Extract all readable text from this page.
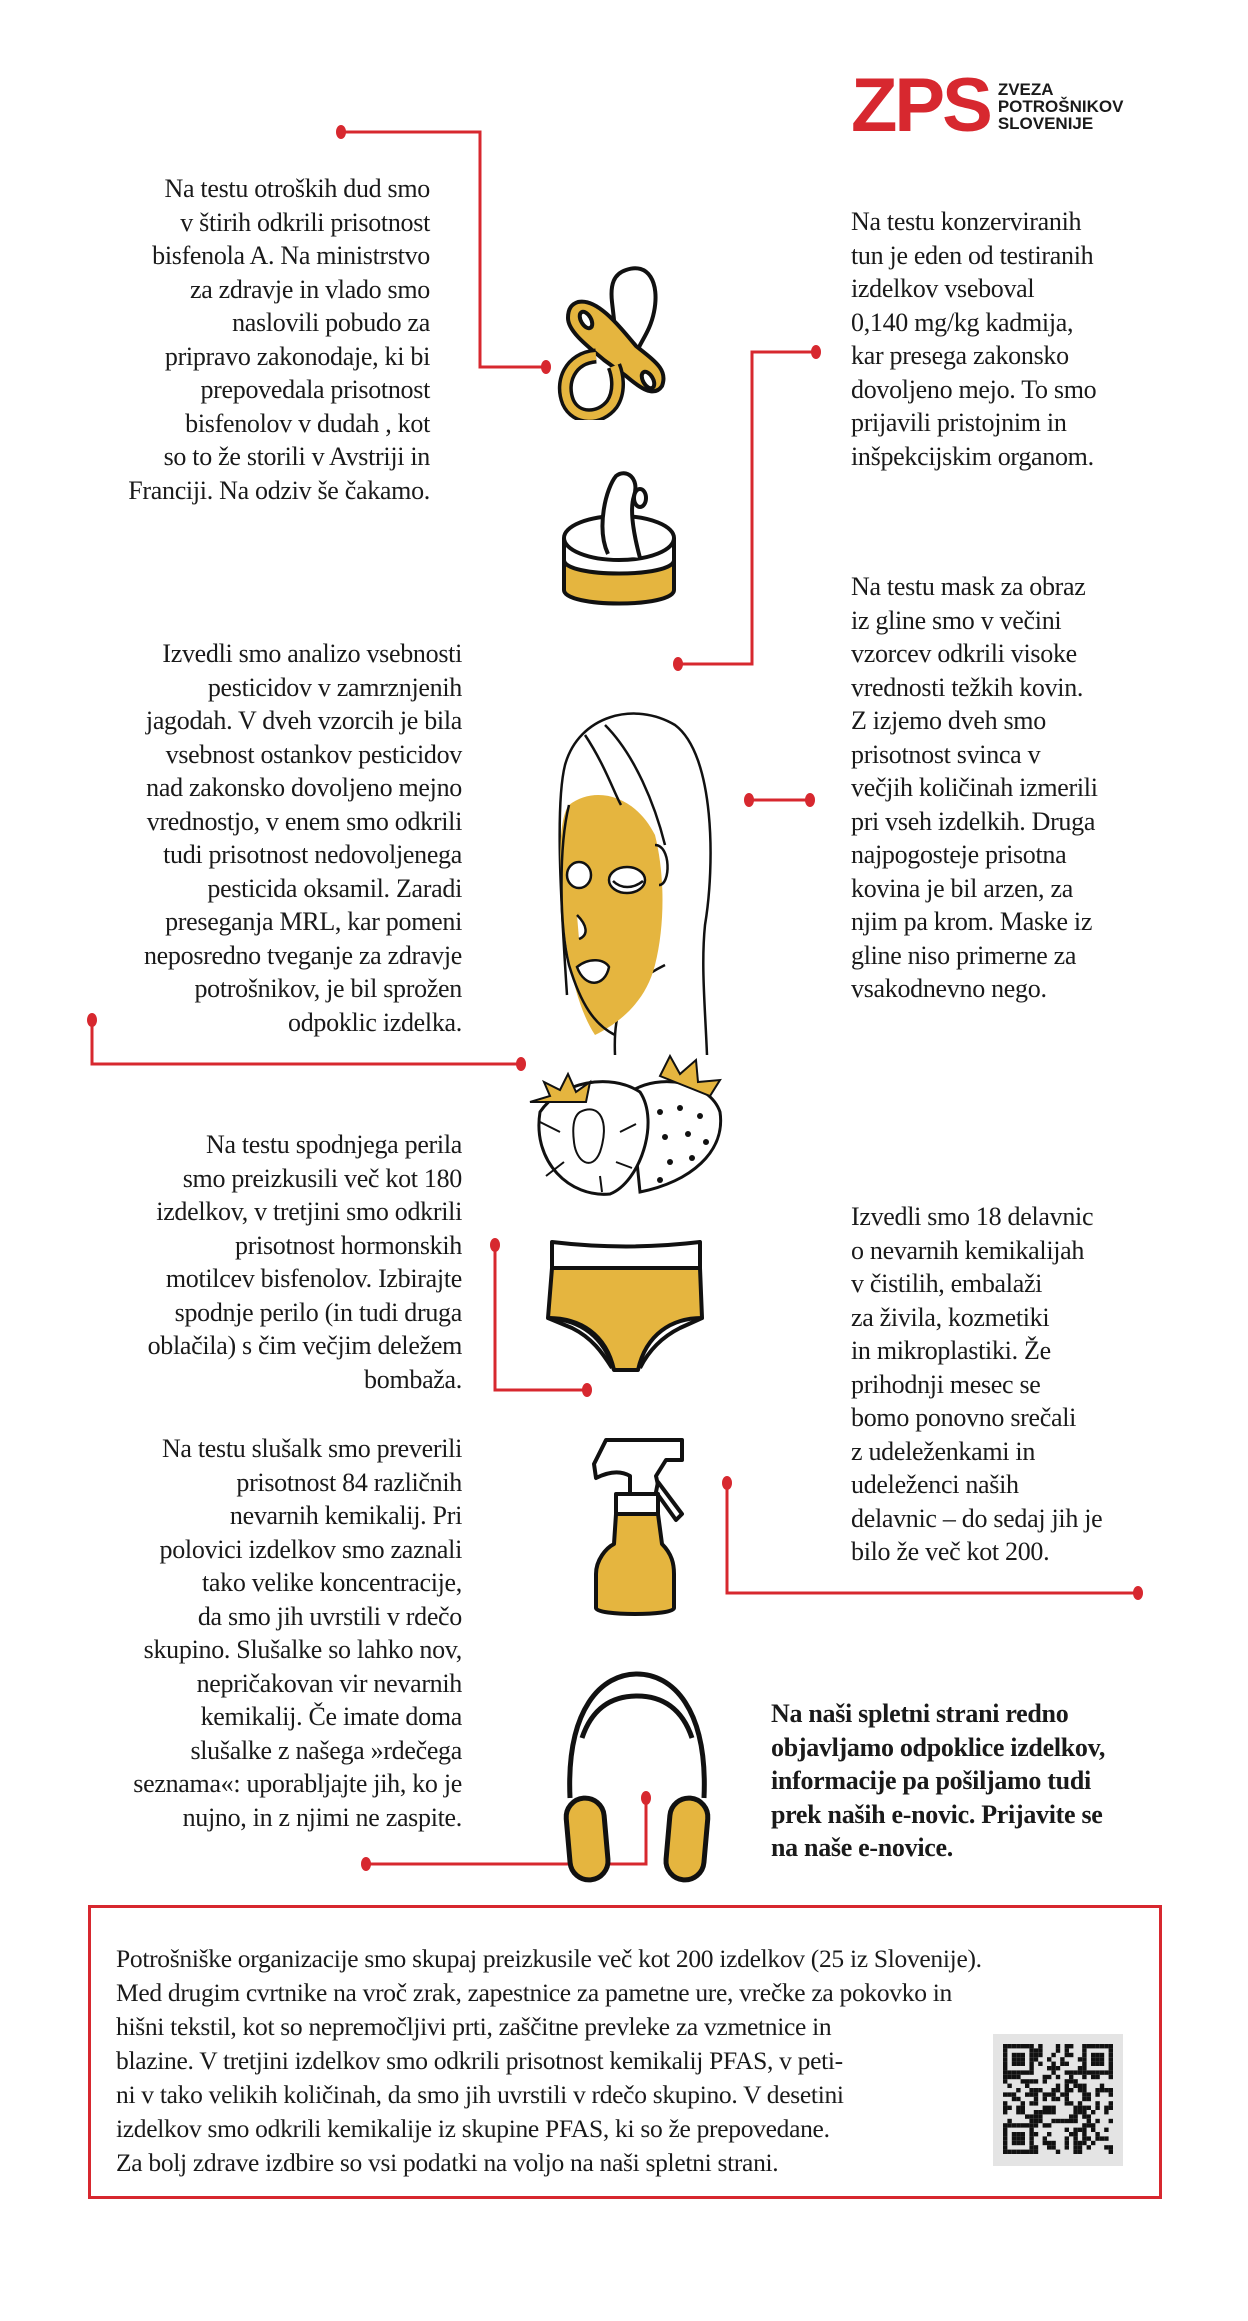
ZPS ZVEZA
POTROŠNIKOV
SLOVENIJE
Na testu otroških dud smo
v štirih odkrili prisotnost
bisfenola A. Na ministrstvo
za zdravje in vlado smo
naslovili pobudo za
pripravo zakonodaje, ki bi
prepovedala prisotnost
bisfenolov v dudah , kot
so to že storili v Avstriji in
Franciji. Na odziv še čakamo.
Na testu konzerviranih
tun je eden od testiranih
izdelkov vseboval
0,140 mg/kg kadmija,
kar presega zakonsko
dovoljeno mejo. To smo
prijavili pristojnim in
inšpekcijskim organom.
Na testu mask za obraz
iz gline smo v večini
vzorcev odkrili visoke
vrednosti težkih kovin.
Z izjemo dveh smo
prisotnost svinca v
večjih količinah izmerili
pri vseh izdelkih. Druga
najpogosteje prisotna
kovina je bil arzen, za
njim pa krom. Maske iz
gline niso primerne za
vsakodnevno nego.
Izvedli smo analizo vsebnosti
pesticidov v zamrznjenih
jagodah. V dveh vzorcih je bila
vsebnost ostankov pesticidov
nad zakonsko dovoljeno mejno
vrednostjo, v enem smo odkrili
tudi prisotnost nedovoljenega
pesticida oksamil. Zaradi
preseganja MRL, kar pomeni
neposredno tveganje za zdravje
potrošnikov, je bil sprožen
odpoklic izdelka.
Na testu spodnjega perila
smo preizkusili več kot 180
izdelkov, v tretjini smo odkrili
prisotnost hormonskih
motilcev bisfenolov. Izbirajte
spodnje perilo (in tudi druga
oblačila) s čim večjim deležem
bombaža.
Izvedli smo 18 delavnic
o nevarnih kemikalijah
v čistilih, embalaži
za živila, kozmetiki
in mikroplastiki. Že
prihodnji mesec se
bomo ponovno srečali
z udeleženkami in
udeleženci naših
delavnic – do sedaj jih je
bilo že več kot 200.
Na testu slušalk smo preverili
prisotnost 84 različnih
nevarnih kemikalij. Pri
polovici izdelkov smo zaznali
tako velike koncentracije,
da smo jih uvrstili v rdečo
skupino. Slušalke so lahko nov,
nepričakovan vir nevarnih
kemikalij. Če imate doma
slušalke z našega »rdečega
seznama«: uporabljajte jih, ko je
nujno, in z njimi ne zaspite.
Na naši spletni strani redno
objavljamo odpoklice izdelkov,
informacije pa pošiljamo tudi
prek naših e-novic. Prijavite se
na naše e-novice.
Potrošniške organizacije smo skupaj preizkusile več kot 200 izdelkov (25 iz Slovenije).
Med drugim cvrtnike na vroč zrak, zapestnice za pametne ure, vrečke za pokovko in
hišni tekstil, kot so nepremočljivi prti, zaščitne prevleke za vzmetnice in
blazine. V tretjini izdelkov smo odkrili prisotnost kemikalij PFAS, v peti-
ni v tako velikih količinah, da smo jih uvrstili v rdečo skupino. V desetini
izdelkov smo odkrili kemikalije iz skupine PFAS, ki so že prepovedane.
Za bolj zdrave izdbire so vsi podatki na voljo na naši spletni strani.
